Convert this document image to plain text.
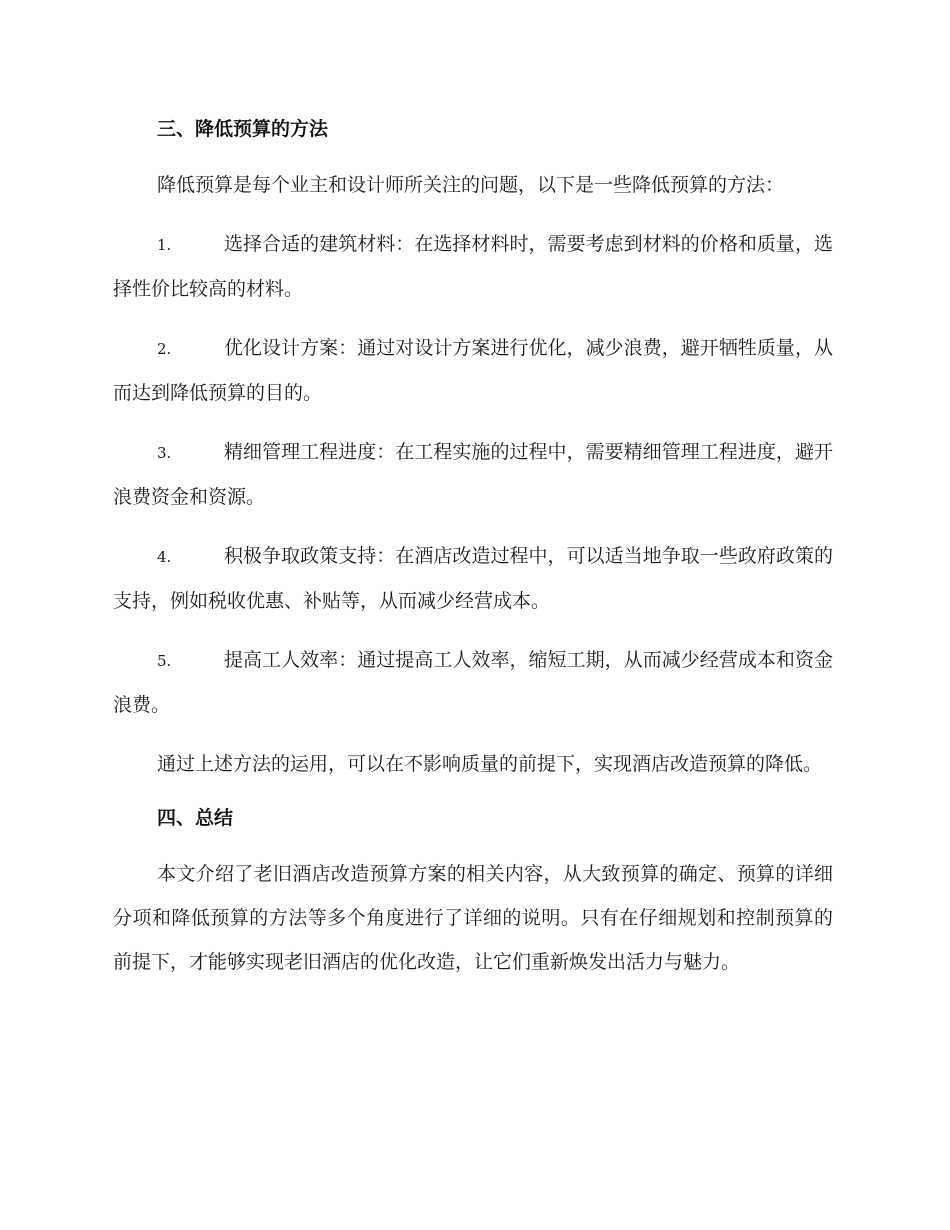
三、降低预算的方法

降低预算是每个业主和设计师所关注的问题，以下是一些降低预算的方法：

1.	选择合适的建筑材料：在选择材料时，需要考虑到材料的价格和质量，选择性价比较高的材料。
2.	优化设计方案：通过对设计方案进行优化，减少浪费，避开牺牲质量，从而达到降低预算的目的。
3.	精细管理工程进度：在工程实施的过程中，需要精细管理工程进度，避开浪费资金和资源。
4.	积极争取政策支持：在酒店改造过程中，可以适当地争取一些政府政策的支持，例如税收优惠、补贴等，从而减少经营成本。
5.	提高工人效率：通过提高工人效率，缩短工期，从而减少经营成本和资金浪费。

通过上述方法的运用，可以在不影响质量的前提下，实现酒店改造预算的降低。

四、总结

本文介绍了老旧酒店改造预算方案的相关内容，从大致预算的确定、预算的详细分项和降低预算的方法等多个角度进行了详细的说明。只有在仔细规划和控制预算的前提下，才能够实现老旧酒店的优化改造，让它们重新焕发出活力与魅力。
